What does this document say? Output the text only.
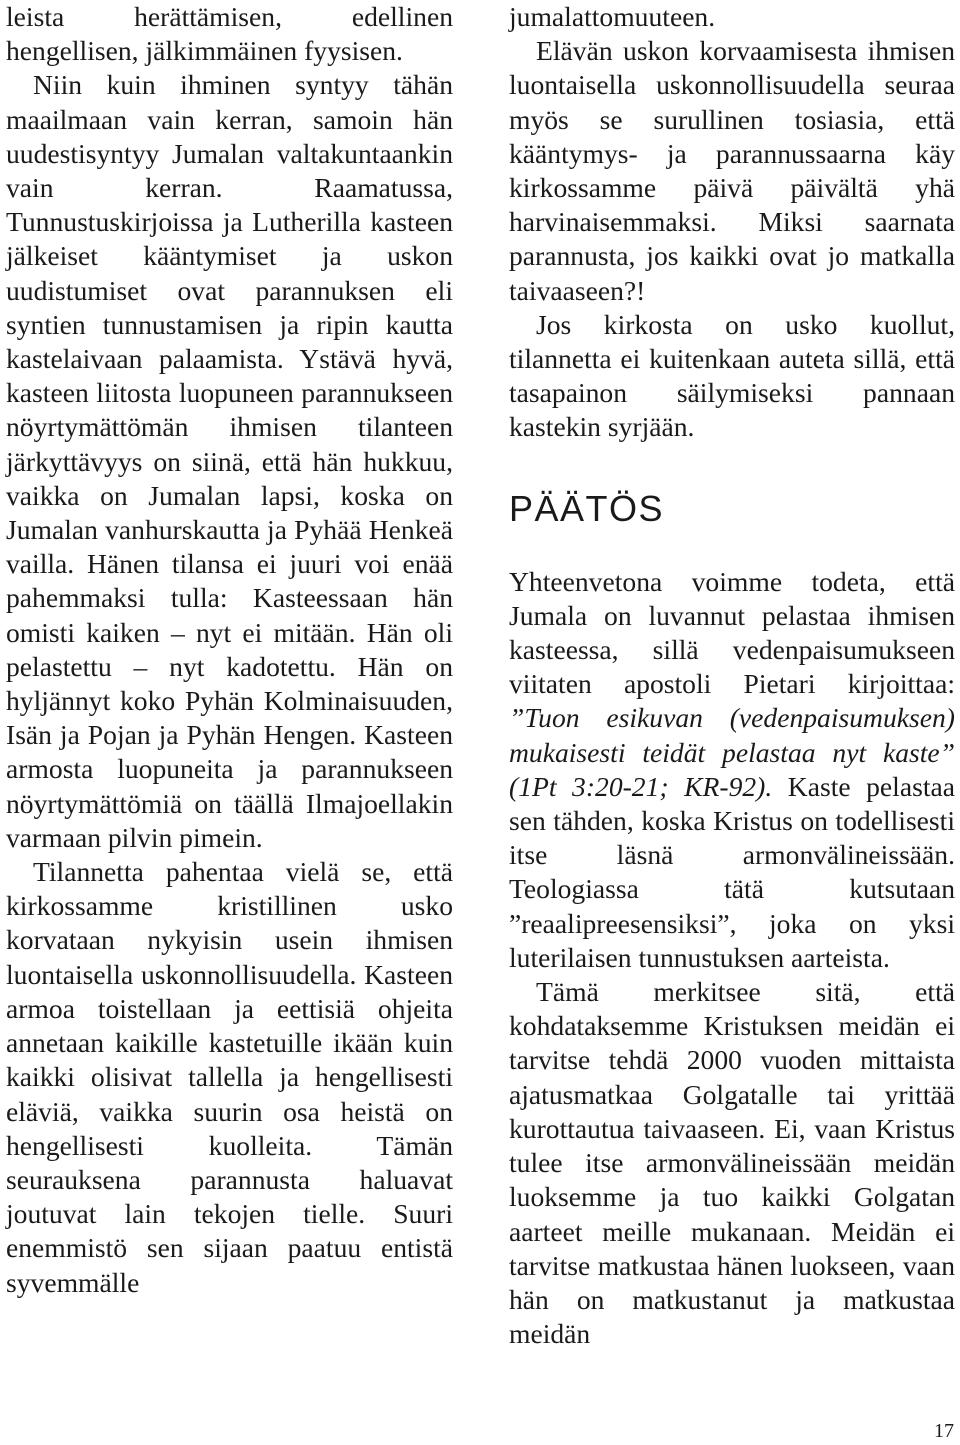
leista herättämisen, edellinen hengellisen, jälkimmäinen fyysisen.

Niin kuin ihminen syntyy tähän maailmaan vain kerran, samoin hän uudestisyntyy Jumalan valtakuntaankin vain kerran. Raamatussa, Tunnustuskirjoissa ja Lutherilla kasteen jälkeiset kääntymiset ja uskon uudistumiset ovat parannuksen eli syntien tunnustamisen ja ripin kautta kastelaivaan palaamista. Ystävä hyvä, kasteen liitosta luopuneen parannukseen nöyrtymättömän ihmisen tilanteen järkyttävyys on siinä, että hän hukkuu, vaikka on Jumalan lapsi, koska on Jumalan vanhurskautta ja Pyhää Henkeä vailla. Hänen tilansa ei juuri voi enää pahemmaksi tulla: Kasteessaan hän omisti kaiken – nyt ei mitään. Hän oli pelastettu – nyt kadotettu. Hän on hyljännyt koko Pyhän Kolminaisuuden, Isän ja Pojan ja Pyhän Hengen. Kasteen armosta luopuneita ja parannukseen nöyrtymättömiä on täällä Ilmajoellakin varmaan pilvin pimein.

Tilannetta pahentaa vielä se, että kirkossamme kristillinen usko korvataan nykyisin usein ihmisen luontaisella uskonnollisuudella. Kasteen armoa toistellaan ja eettisiä ohjeita annetaan kaikille kastetuille ikään kuin kaikki olisivat tallella ja hengellisesti eläviä, vaikka suurin osa heistä on hengellisesti kuolleita. Tämän seurauksena parannusta haluavat joutuvat lain tekojen tielle. Suuri enemmistö sen sijaan paatuu entistä syvemmälle

jumalattomuuteen.

Elävän uskon korvaamisesta ihmisen luontaisella uskonnollisuudella seuraa myös se surullinen tosiasia, että kääntymys- ja parannussaarna käy kirkossamme päivä päivältä yhä harvinaisemmaksi. Miksi saarnata parannusta, jos kaikki ovat jo matkalla taivaaseen?!

Jos kirkosta on usko kuollut, tilannetta ei kuitenkaan auteta sillä, että tasapainon säilymiseksi pannaan kastekin syrjään.

PÄÄTÖS

Yhteenvetona voimme todeta, että Jumala on luvannut pelastaa ihmisen kasteessa, sillä vedenpaisumukseen viitaten apostoli Pietari kirjoittaa: ”Tuon esikuvan (vedenpaisumuksen) mukaisesti teidät pelastaa nyt kaste” (1Pt 3:20-21; KR-92). Kaste pelastaa sen tähden, koska Kristus on todellisesti itse läsnä armonvälineissään. Teologiassa tätä kutsutaan ”reaalipreesensiksi”, joka on yksi luterilaisen tunnustuksen aarteista.

Tämä merkitsee sitä, että kohdataksemme Kristuksen meidän ei tarvitse tehdä 2000 vuoden mittaista ajatusmatkaa Golgatalle tai yrittää kurottautua taivaaseen. Ei, vaan Kristus tulee itse armonvälineissään meidän luoksemme ja tuo kaikki Golgatan aarteet meille mukanaan. Meidän ei tarvitse matkustaa hänen luokseen, vaan hän on matkustanut ja matkustaa meidän

17
